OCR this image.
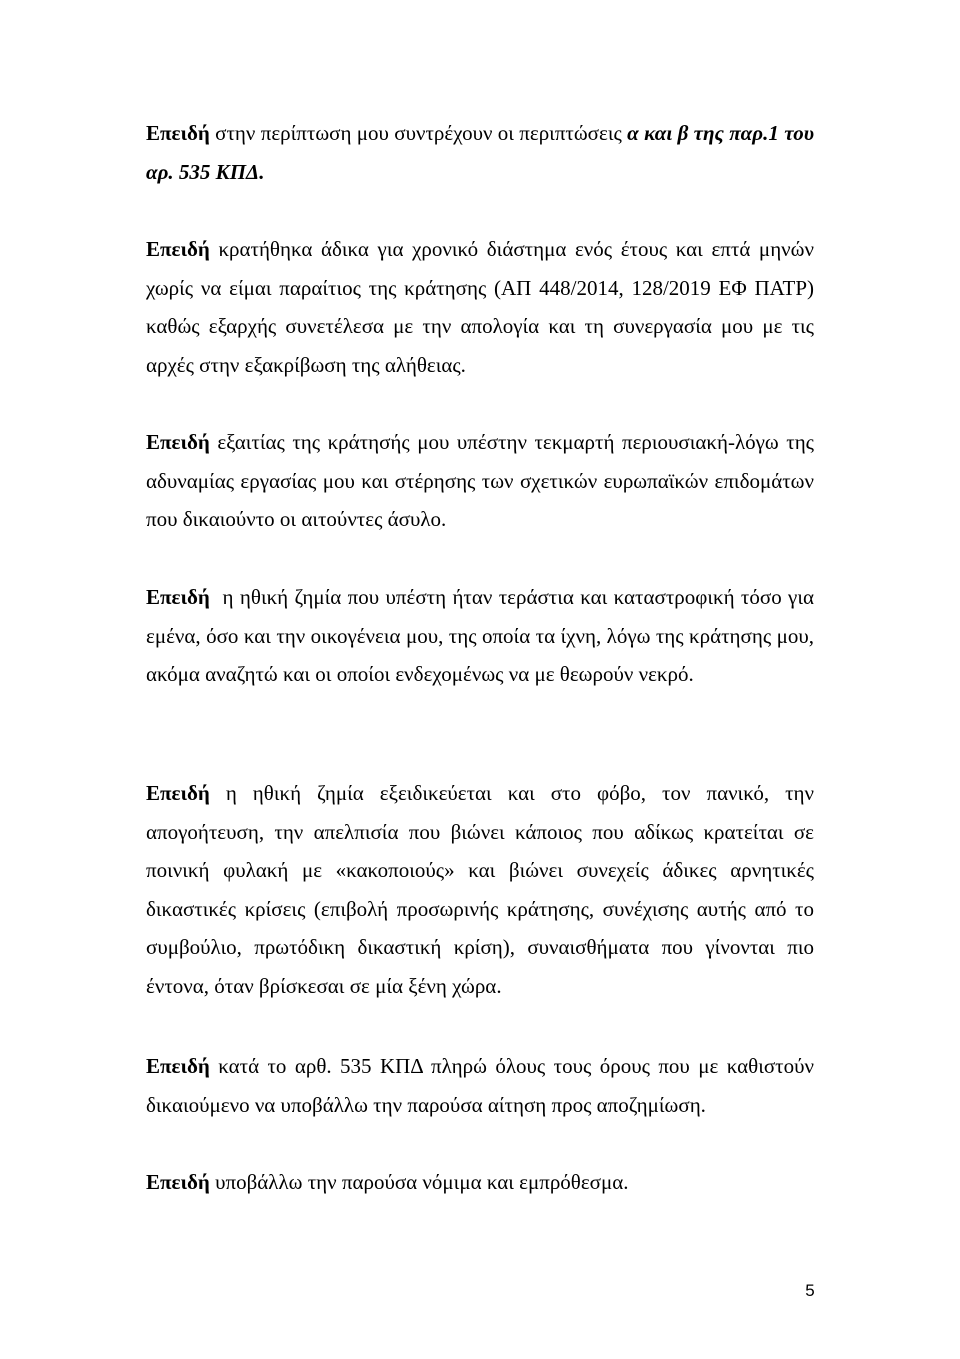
Επειδή στην περίπτωση μου συντρέχουν οι περιπτώσεις α και β της παρ.1 του αρ. 535 ΚΠΔ.

Επειδή κρατήθηκα άδικα για χρονικό διάστημα ενός έτους και επτά μηνών χωρίς να είμαι παραίτιος της κράτησης (ΑΠ 448/2014, 128/2019 ΕΦ ΠΑΤΡ) καθώς εξαρχής συνετέλεσα με την απολογία και τη συνεργασία μου με τις αρχές στην εξακρίβωση της αλήθειας.

Επειδή εξαιτίας της κράτησής μου υπέστην τεκμαρτή περιουσιακή-λόγω της αδυναμίας εργασίας μου και στέρησης των σχετικών ευρωπαϊκών επιδομάτων που δικαιούντο οι αιτούντες άσυλο.

Επειδή  η ηθική ζημία που υπέστη ήταν τεράστια και καταστροφική τόσο για εμένα, όσο και την οικογένεια μου, της οποία τα ίχνη, λόγω της κράτησης μου, ακόμα αναζητώ και οι οποίοι ενδεχομένως να με θεωρούν νεκρό.

Επειδή η ηθική ζημία εξειδικεύεται και στο φόβο, τον πανικό, την απογοήτευση, την απελπισία που βιώνει κάποιος που αδίκως κρατείται σε ποινική φυλακή με «κακοποιούς» και βιώνει συνεχείς άδικες αρνητικές δικαστικές κρίσεις (επιβολή προσωρινής κράτησης, συνέχισης αυτής από το συμβούλιο, πρωτόδικη δικαστική κρίση), συναισθήματα που γίνονται πιο έντονα, όταν βρίσκεσαι σε μία ξένη χώρα.

Επειδή κατά το αρθ. 535 ΚΠΔ πληρώ όλους τους όρους που με καθιστούν δικαιούμενο να υποβάλλω την παρούσα αίτηση προς αποζημίωση.

Επειδή υποβάλλω την παρούσα νόμιμα και εμπρόθεσμα.

5
